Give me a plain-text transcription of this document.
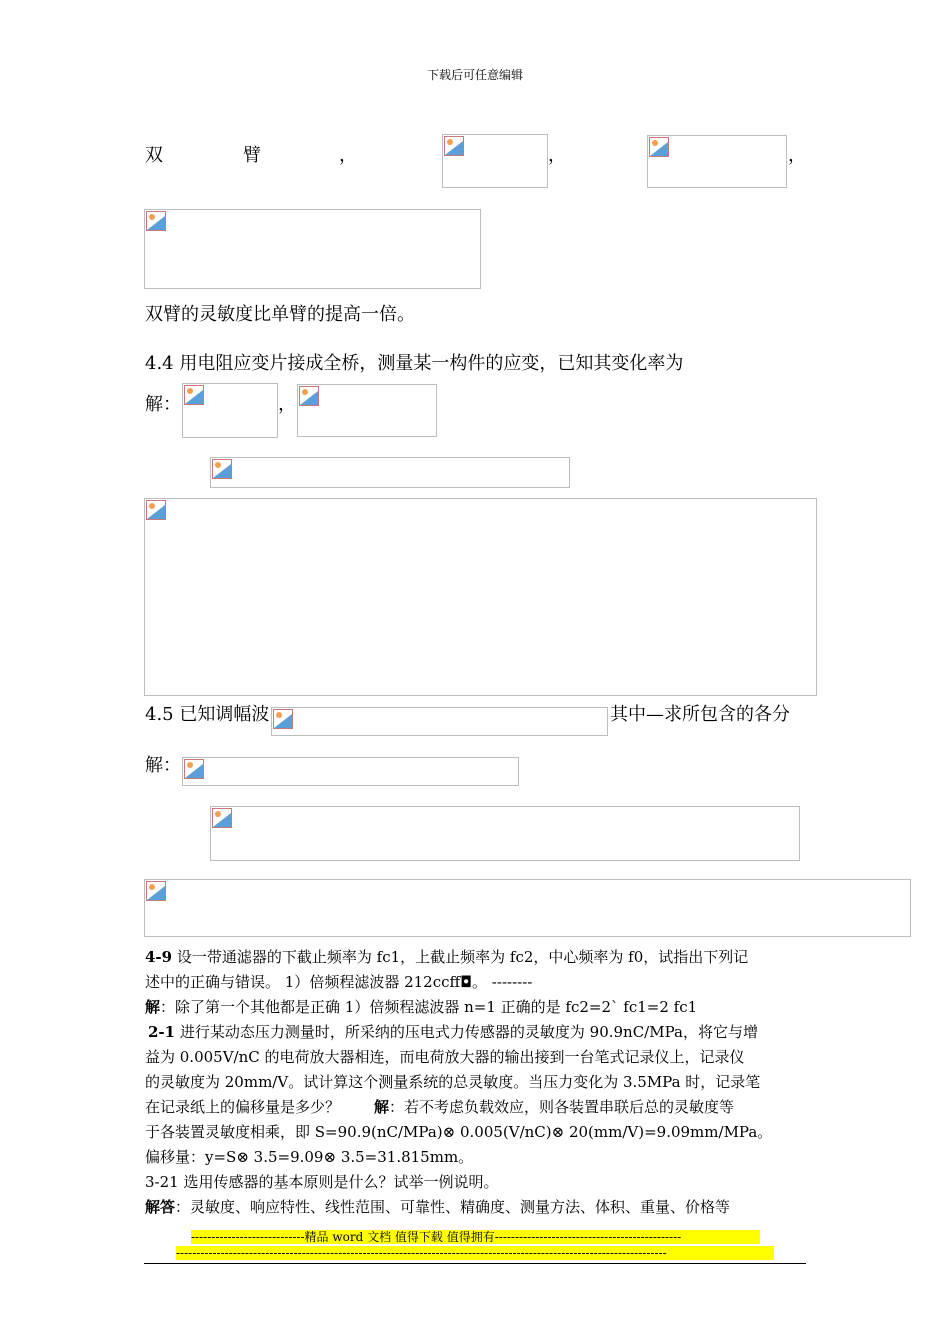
下载后可任意编辑
双	臂	，	，	，
双臂的灵敏度比单臂的提高一倍。
4.4 用电阻应变片接成全桥，测量某一构件的应变，已知其变化率为
解：	，
4.5 已知调幅波	其中—求所包含的各分
解：
4-9 设一带通滤器的下截止频率为 fc1，上截止频率为 fc2，中心频率为 f0，试指出下列记
述中的正确与错误。 1）倍频程滤波器 212ccff◘。 --------
解：除了第一个其他都是正确 1）倍频程滤波器 n=1 正确的是 fc2=2` fc1=2 fc1
2-1 进行某动态压力测量时，所采纳的压电式力传感器的灵敏度为 90.9nC/MPa，将它与增
益为 0.005V/nC 的电荷放大器相连，而电荷放大器的输出接到一台笔式记录仪上，记录仪
的灵敏度为 20mm/V。试计算这个测量系统的总灵敏度。当压力变化为 3.5MPa 时，记录笔
在记录纸上的偏移量是多少？ 解：若不考虑负载效应，则各装置串联后总的灵敏度等
于各装置灵敏度相乘，即 S=90.9(nC/MPa)⊗ 0.005(V/nC)⊗ 20(mm/V)=9.09mm/MPa。
偏移量：y=S⊗ 3.5=9.09⊗ 3.5=31.815mm。
3-21 选用传感器的基本原则是什么？试举一例说明。
解答：灵敏度、响应特性、线性范围、可靠性、精确度、测量方法、体积、重量、价格等
----------------------------精品 word 文档 值得下载 值得拥有----------------------------------------------
-------------------------------------------------------------------------------------------------------------------------
